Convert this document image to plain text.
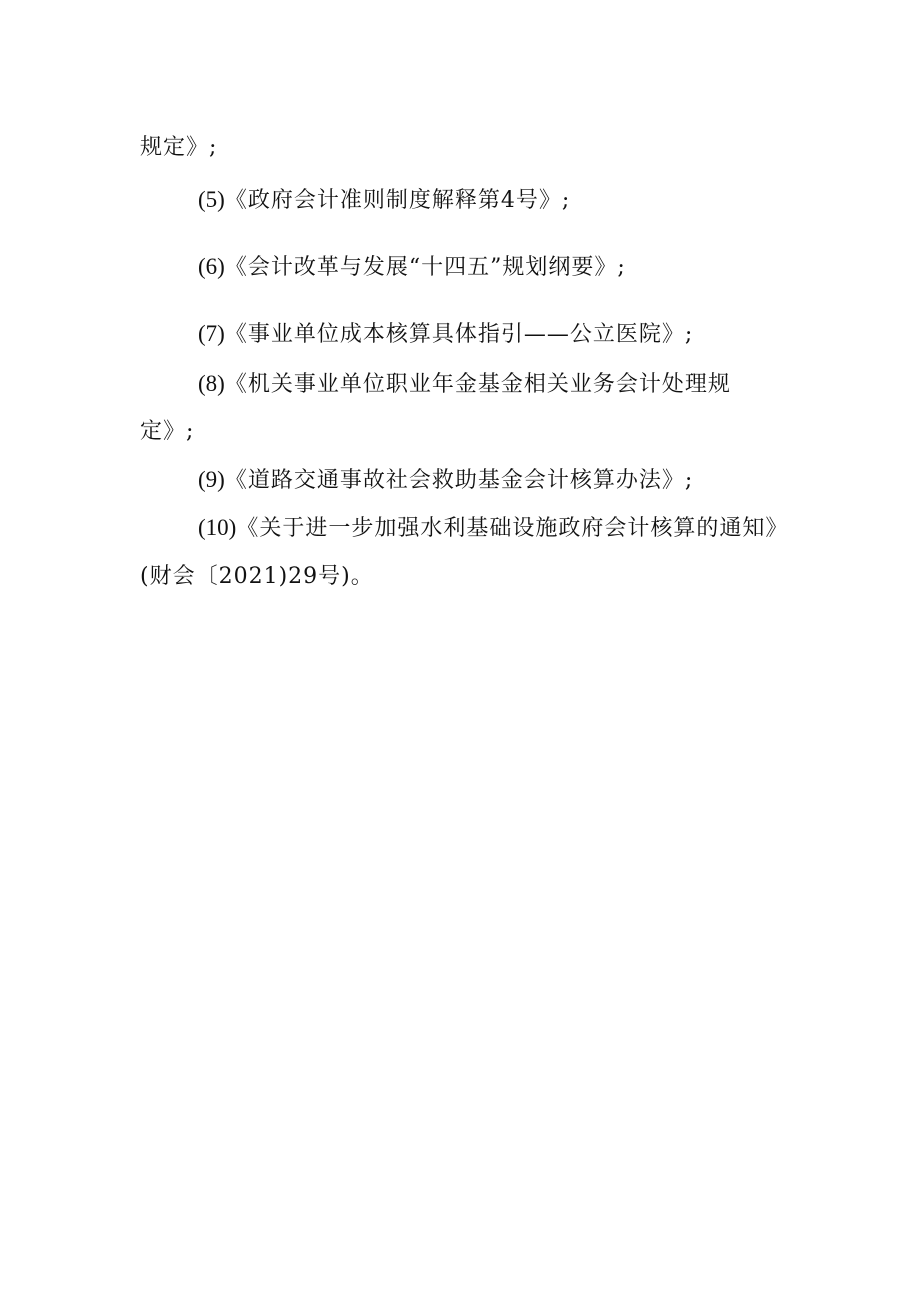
规定》;
(5)《政府会计准则制度解释第4号》;
(6)《会计改革与发展“十四五”规划纲要》;
(7)《事业单位成本核算具体指引——公立医院》;
(8)《机关事业单位职业年金基金相关业务会计处理规
定》;
(9)《道路交通事故社会救助基金会计核算办法》;
(10)《关于进一步加强水利基础设施政府会计核算的通知》
(财会〔2021)29号)。
